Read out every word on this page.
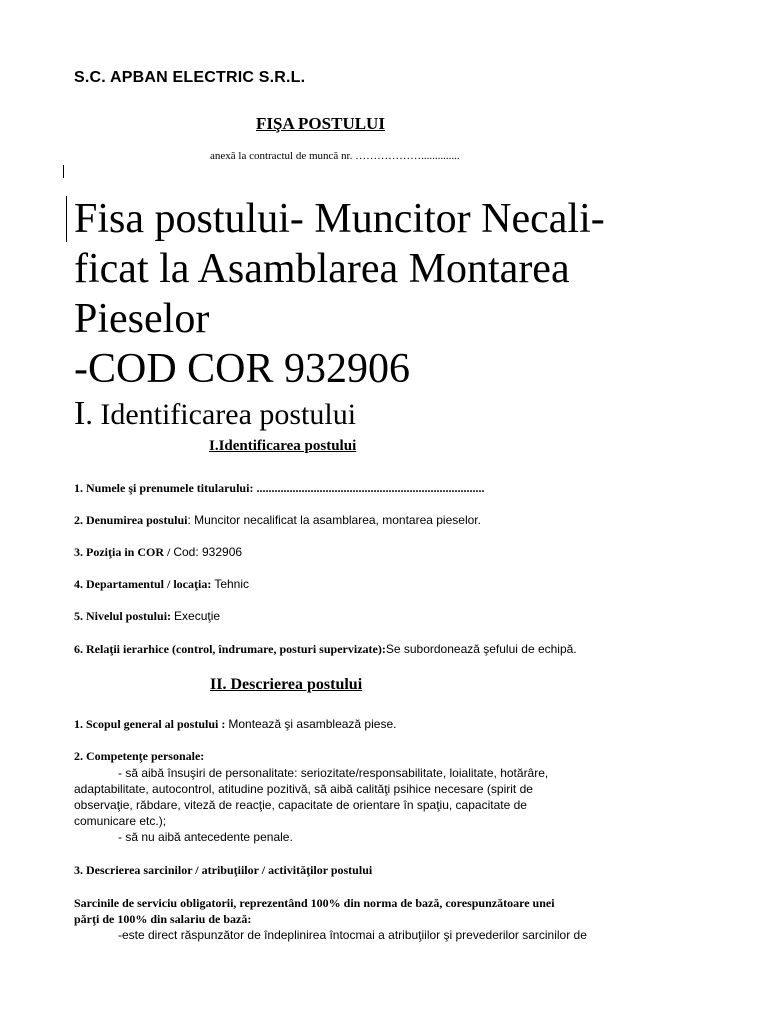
S.C. APBAN ELECTRIC S.R.L.
FIŞA POSTULUI
anexă la contractul de muncă nr. ………………..............
Fisa postului- Muncitor Necali-
ficat la Asamblarea Montarea
Pieselor
-COD COR 932906
I. Identificarea postului
I.Identificarea postului
1. Numele şi prenumele titularului: ............................................................................
2. Denumirea postului: Muncitor necalificat la asamblarea, montarea pieselor.
3. Poziţia in COR / Cod: 932906
4. Departamentul / locaţia: Tehnic
5. Nivelul postului: Execuţie
6. Relaţii ierarhice (control, îndrumare, posturi supervizate):Se subordonează şefului de echipă.
II. Descrierea postului
1. Scopul general al postului : Montează şi asamblează piese.
2. Competenţe personale:
- să aibă însuşiri de personalitate: seriozitate/responsabilitate, loialitate, hotărâre,
adaptabilitate, autocontrol, atitudine pozitivă, să aibă calităţi psihice necesare (spirit de
observaţie, răbdare, viteză de reacţie, capacitate de orientare în spaţiu, capacitate de
comunicare etc.);
- să nu aibă antecedente penale.
3. Descrierea sarcinilor / atribuţiilor / activităţilor postului
Sarcinile de serviciu obligatorii, reprezentând 100% din norma de bază, corespunzătoare unei
părţi de 100% din salariu de bază:
-este direct răspunzător de îndeplinirea întocmai a atribuţiilor şi prevederilor sarcinilor de
